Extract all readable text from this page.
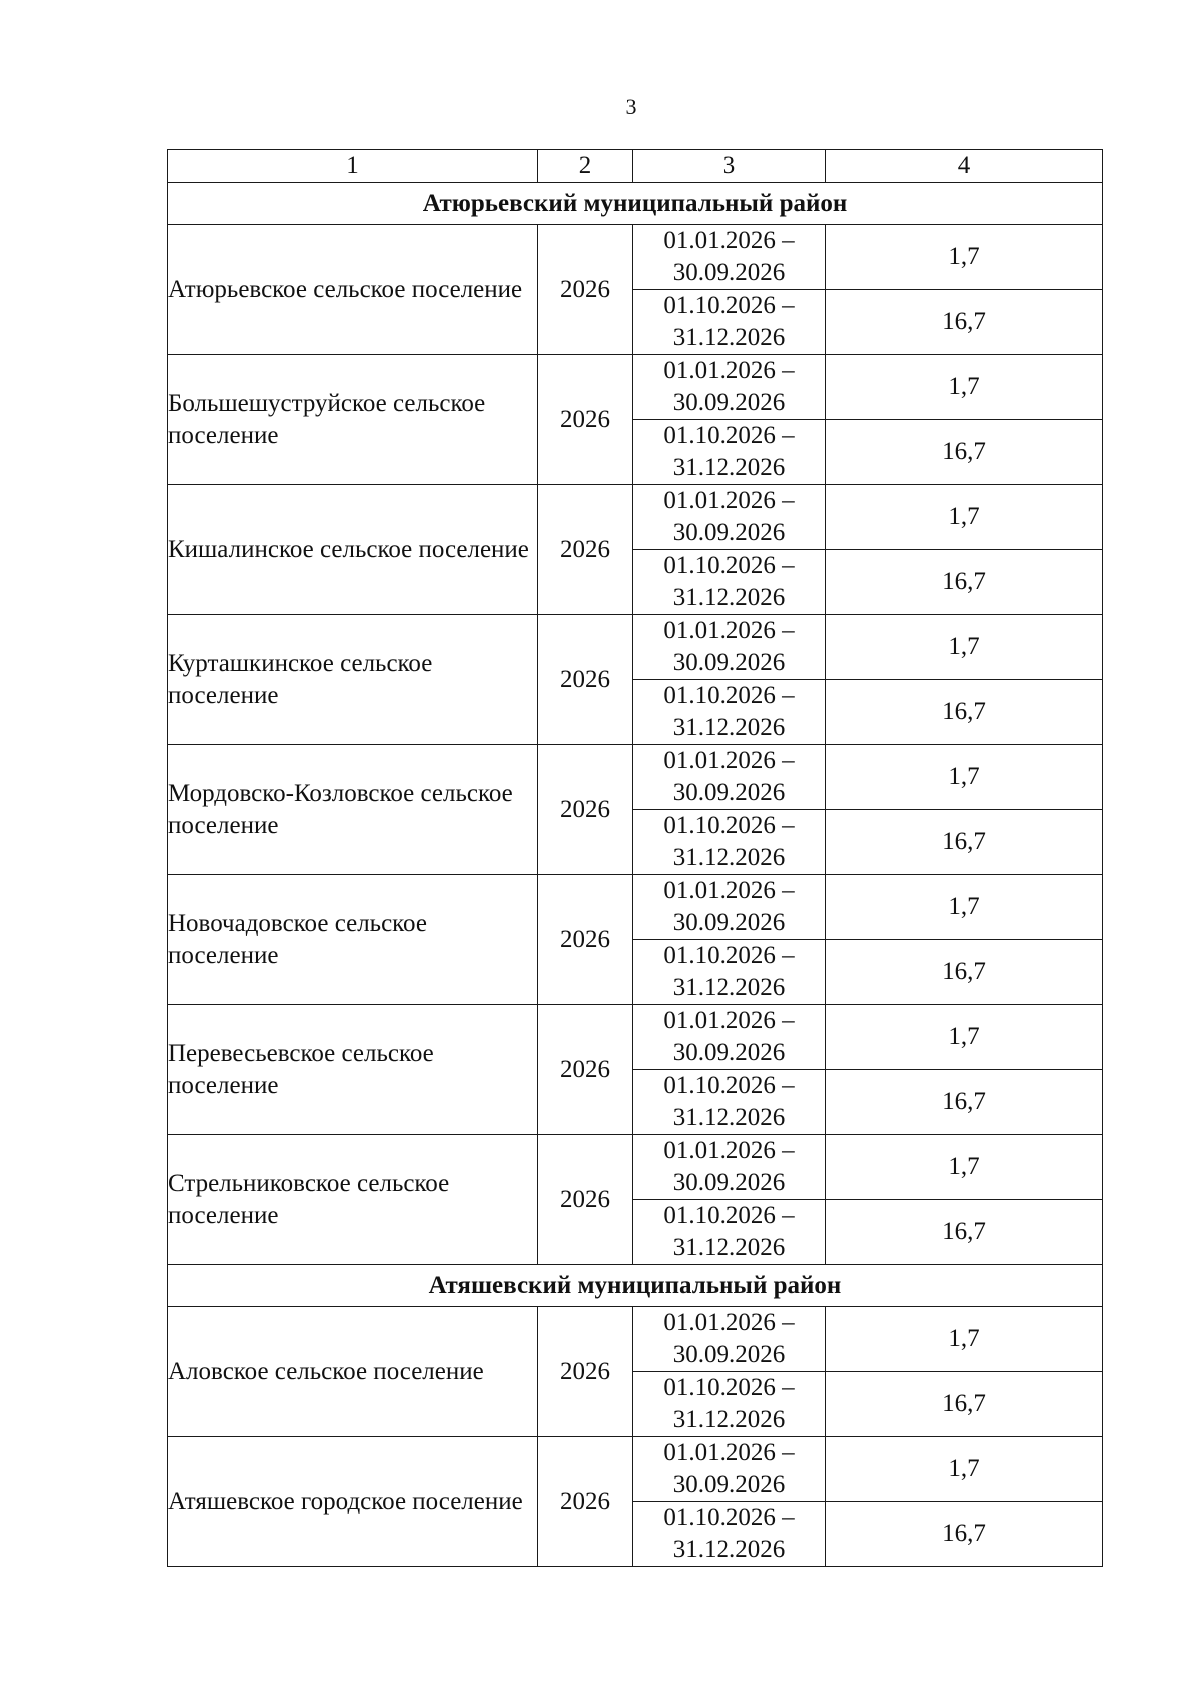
3
1	2	3	4
Атюрьевский муниципальный район			
Атюрьевское сельское поселение	2026	01.01.2026 –
30.09.2026	1,7

		01.10.2026 –
31.12.2026	16,7
Большешуструйское сельское поселение	2026	01.01.2026 –
30.09.2026	1,7

		01.10.2026 –
31.12.2026	16,7
Кишалинское сельское поселение	2026	01.01.2026 –
30.09.2026	1,7

		01.10.2026 –
31.12.2026	16,7
Курташкинское сельское поселение	2026	01.01.2026 –
30.09.2026	1,7

		01.10.2026 –
31.12.2026	16,7
Мордовско-Козловское сельское поселение	2026	01.01.2026 –
30.09.2026	1,7

		01.10.2026 –
31.12.2026	16,7
Новочадовское сельское поселение	2026	01.01.2026 –
30.09.2026	1,7

		01.10.2026 –
31.12.2026	16,7
Перевесьевское сельское поселение	2026	01.01.2026 –
30.09.2026	1,7

		01.10.2026 –
31.12.2026	16,7
Стрельниковское сельское поселение	2026	01.01.2026 –
30.09.2026	1,7

		01.10.2026 –
31.12.2026	16,7
Атяшевский муниципальный район			
Аловское сельское поселение	2026	01.01.2026 –
30.09.2026	1,7

		01.10.2026 –
31.12.2026	16,7
Атяшевское городское поселение	2026	01.01.2026 –
30.09.2026	1,7

		01.10.2026 –
31.12.2026	16,7
